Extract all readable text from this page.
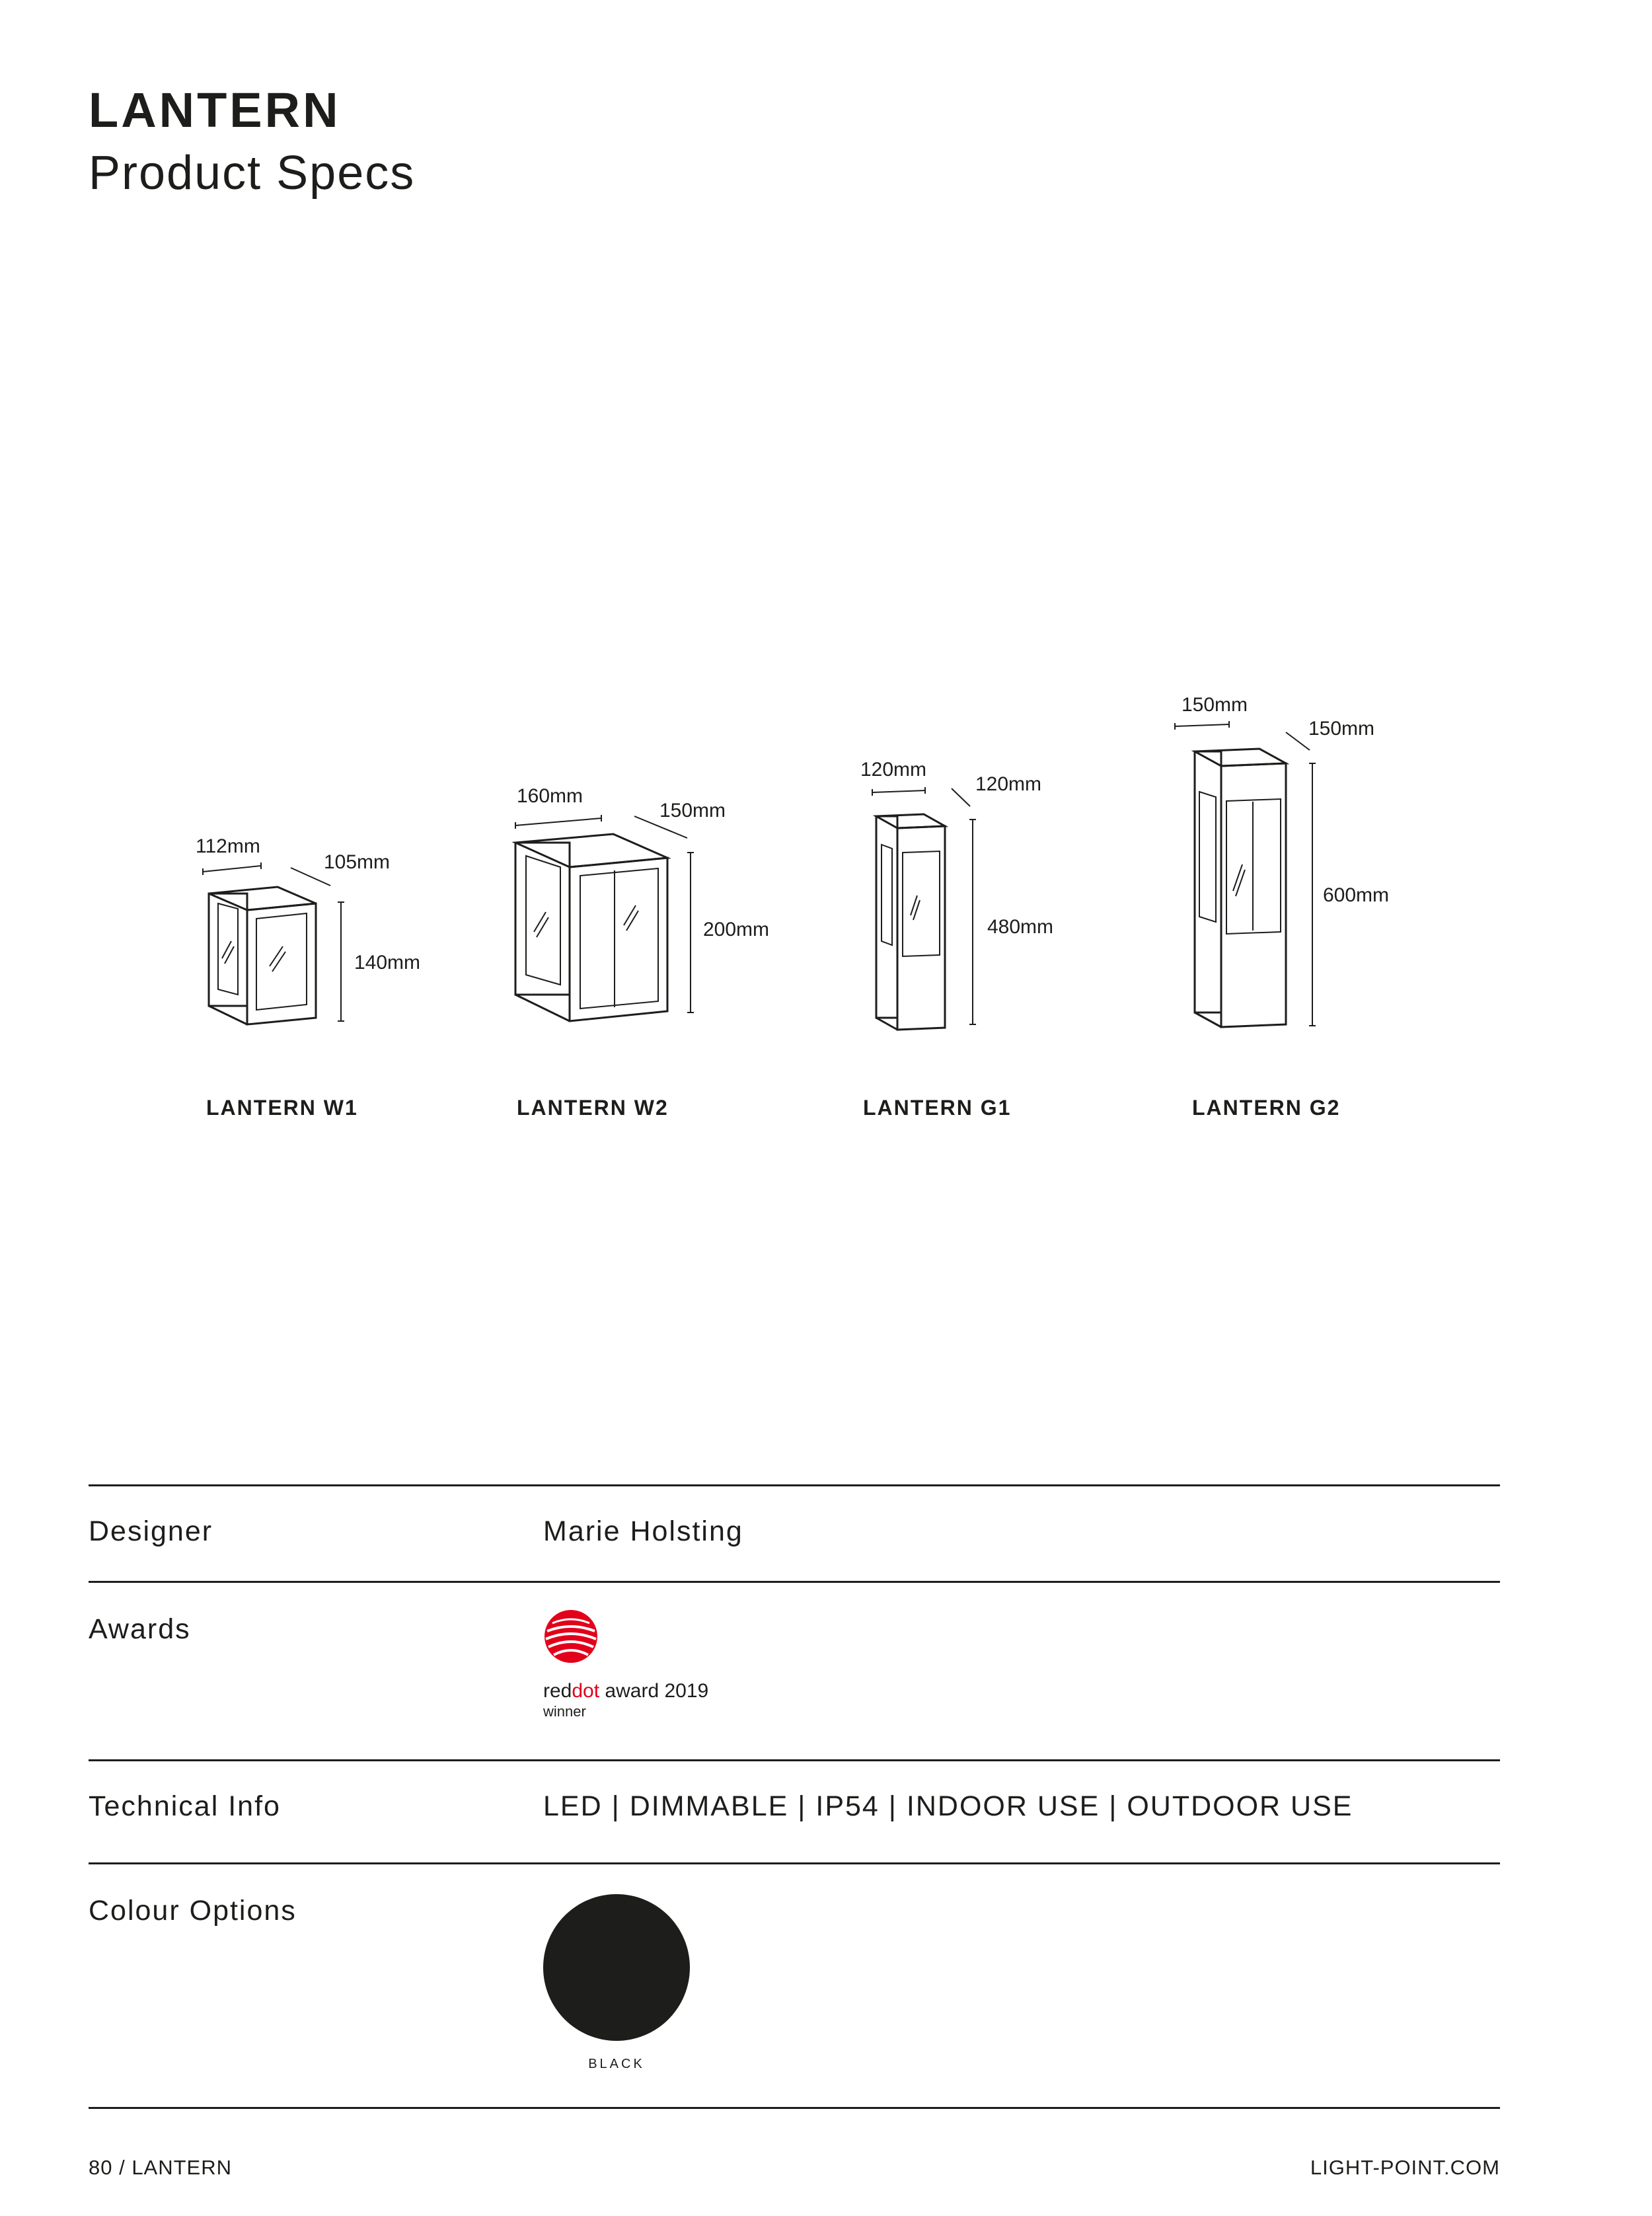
LANTERN
Product Specs
112mm
105mm
140mm
160mm
150mm
200mm
120mm
120mm
480mm
150mm
150mm
600mm
LANTERN W1	LANTERN W2	LANTERN G1	LANTERN G2
Designer	Marie Holsting
Awards
reddot award 2019
winner
Technical Info	LED | DIMMABLE | IP54 | INDOOR USE | OUTDOOR USE
Colour Options
BLACK
80 / LANTERN	LIGHT-POINT.COM
